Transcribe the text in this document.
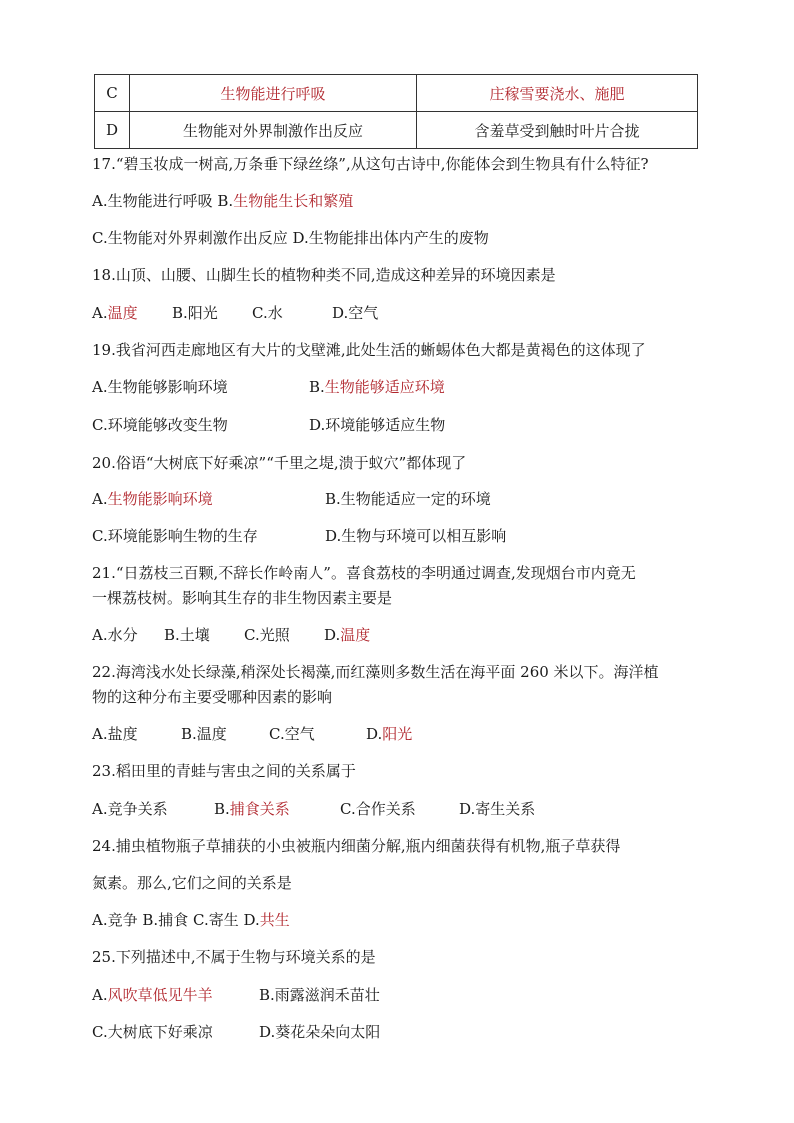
C	生物能进行呼吸	庄稼雪要浇水、施肥
D	生物能对外界制激作出反应	含羞草受到触时叶片合拢
17.“碧玉妆成一树高,万条垂下绿丝绦”,从这句古诗中,你能体会到生物具有什么特征?
A.生物能进行呼吸 B.生物能生长和繁殖
C.生物能对外界刺激作出反应 D.生物能排出体内产生的废物
18.山顶、山腰、山脚生长的植物种类不同,造成这种差异的环境因素是
A.温度 B.阳光 C.水	D.空气
19.我省河西走廊地区有大片的戈壁滩,此处生活的蜥蜴体色大都是黄褐色的这体现了
A.生物能够影响环境	B.生物能够适应环境
C.环境能够改变生物	D.环境能够适应生物
20.俗语“大树底下好乘凉”“千里之堤,溃于蚁穴”都体现了
A.生物能影响环境	B.生物能适应一定的环境
C.环境能影响生物的生存	D.生物与环境可以相互影响
21.“日荔枝三百颗,不辞长作岭南人”。喜食荔枝的李明通过调查,发现烟台市内竟无
一棵荔枝树。影响其生存的非生物因素主要是
A.水分 B.土壤 C.光照 D.温度
22.海湾浅水处长绿藻,稍深处长褐藻,而红藻则多数生活在海平面 260 米以下。海洋植
物的这种分布主要受哪种因素的影响
A.盐度	B.温度	C.空气	D.阳光
23.稻田里的青蛙与害虫之间的关系属于
A.竞争关系	B.捕食关系	C.合作关系	D.寄生关系
24.捕虫植物瓶子草捕获的小虫被瓶内细菌分解,瓶内细菌获得有机物,瓶子草获得
氮素。那么,它们之间的关系是
A.竞争 B.捕食 C.寄生 D.共生
25.下列描述中,不属于生物与环境关系的是
A.风吹草低见牛羊	B.雨露滋润禾苗壮
C.大树底下好乘凉	D.葵花朵朵向太阳
